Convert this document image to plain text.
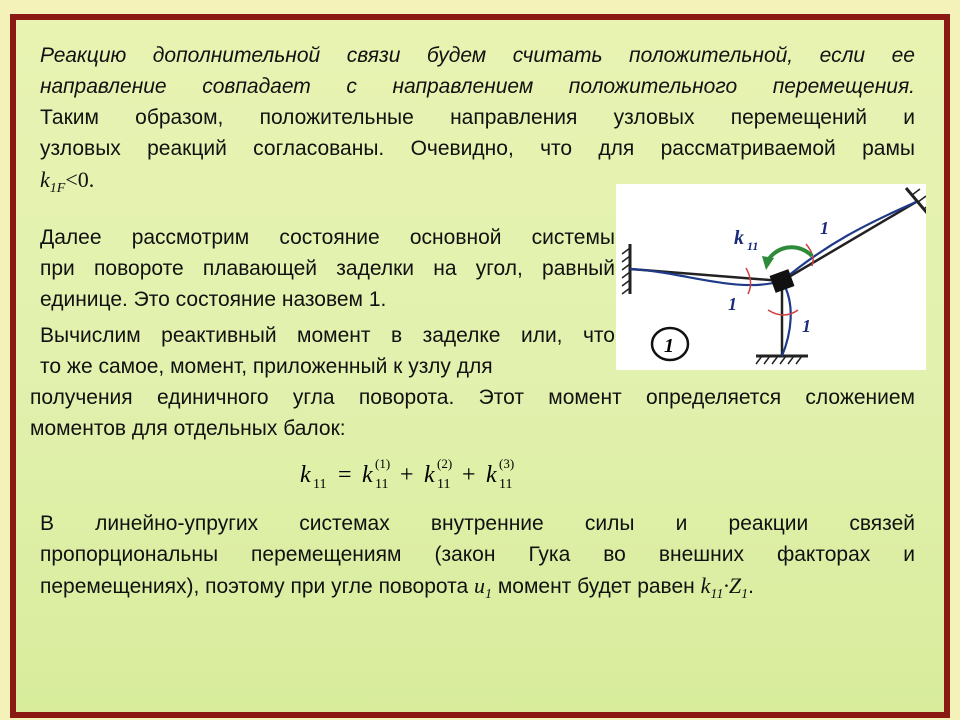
Реакцию дополнительной связи будем считать положительной, если ее
направление совпадает с направлением положительного перемещения.
Таким образом, положительные направления узловых перемещений и
узловых реакций согласованы. Очевидно, что для рассматриваемой рамы
$k_{1F}<0$.
Далее рассмотрим состояние основной системы
при повороте плавающей заделки на угол, равный
единице. Это состояние назовем 1.
Вычислим реактивный момент в заделке или, что
то же самое, момент, приложенный к узлу для
получения единичного угла поворота. Этот момент определяется сложением
моментов для отдельных балок:
k 11 = k 11
(1) + k 11
(2) + k 11
(3)
В линейно-упругих системах внутренние силы и реакции связей
пропорциональны перемещениям (закон Гука во внешних факторах и
перемещениях), поэтому при угле поворота $u_1$ момент будет равен $k_{11}\cdot Z_1$.
k 11
1
1
1
1
